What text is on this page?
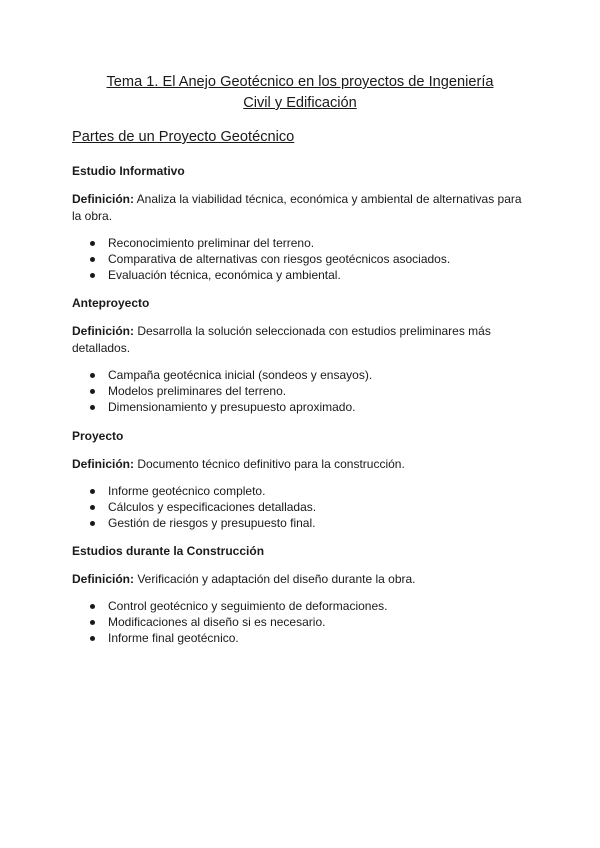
Tema 1. El Anejo Geotécnico en los proyectos de Ingeniería
Civil y Edificación
Partes de un Proyecto Geotécnico

Estudio Informativo

Definición: Analiza la viabilidad técnica, económica y ambiental de alternativas para la obra.

Reconocimiento preliminar del terreno.
Comparativa de alternativas con riesgos geotécnicos asociados.
Evaluación técnica, económica y ambiental.

Anteproyecto

Definición: Desarrolla la solución seleccionada con estudios preliminares más detallados.

Campaña geotécnica inicial (sondeos y ensayos).
Modelos preliminares del terreno.
Dimensionamiento y presupuesto aproximado.

Proyecto

Definición: Documento técnico definitivo para la construcción.

Informe geotécnico completo.
Cálculos y especificaciones detalladas.
Gestión de riesgos y presupuesto final.

Estudios durante la Construcción

Definición: Verificación y adaptación del diseño durante la obra.

Control geotécnico y seguimiento de deformaciones.
Modificaciones al diseño si es necesario.
Informe final geotécnico.
